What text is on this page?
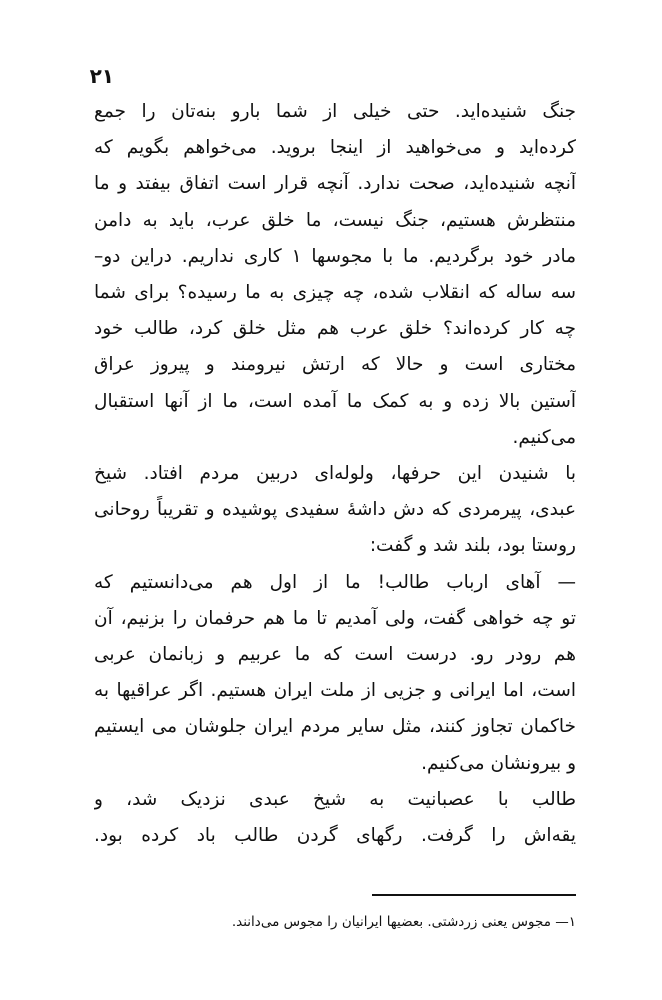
۲۱

جنگ شنیده‌اید. حتی خیلی از شما بارو بنه‌تان را جمع
کرده‌اید و می‌خواهید از اینجا بروید. می‌خواهم بگویم که
آنچه شنیده‌اید، صحت ندارد. آنچه قرار است اتفاق بیفتد و ما
منتظرش هستیم، جنگ نیست، ما خلق عرب، باید به دامن
مادر خود برگردیم. ما با مجوسها ۱ کاری نداریم. دراین دو–
سه ساله که انقلاب شده، چه چیزی به ما رسیده؟ برای شما
چه کار کرده‌اند؟ خلق عرب هم مثل خلق کرد، طالب خود
مختاری است و حالا که ارتش نیرومند و پیروز عراق
آستین بالا زده و به کمک ما آمده است، ما از آنها استقبال
می‌کنیم.

با شنیدن این حرفها، ولوله‌ای دربین مردم افتاد. شیخ
عبدی، پیرمردی که دش داشهٔ سفیدی پوشیده و تقریباً روحانی
روستا بود، بلند شد و گفت:

— آهای ارباب طالب! ما از اول هم می‌دانستیم که
تو چه خواهی گفت، ولی آمدیم تا ما هم حرفمان را بزنیم، آن
هم رودر رو. درست است که ما عربیم و زبانمان عربی
است، اما ایرانی و جزیی از ملت ایران هستیم. اگر عراقیها به
خاکمان تجاوز کنند، مثل سایر مردم ایران جلوشان می ایستیم
و بیرونشان می‌کنیم.

طالب با عصبانیت به شیخ عبدی نزدیک شد، و
یقه‌اش را گرفت. رگهای گردن طالب باد کرده بود.

۱— مجوس یعنی زردشتی. بعضیها ایرانیان را مجوس می‌دانند.
